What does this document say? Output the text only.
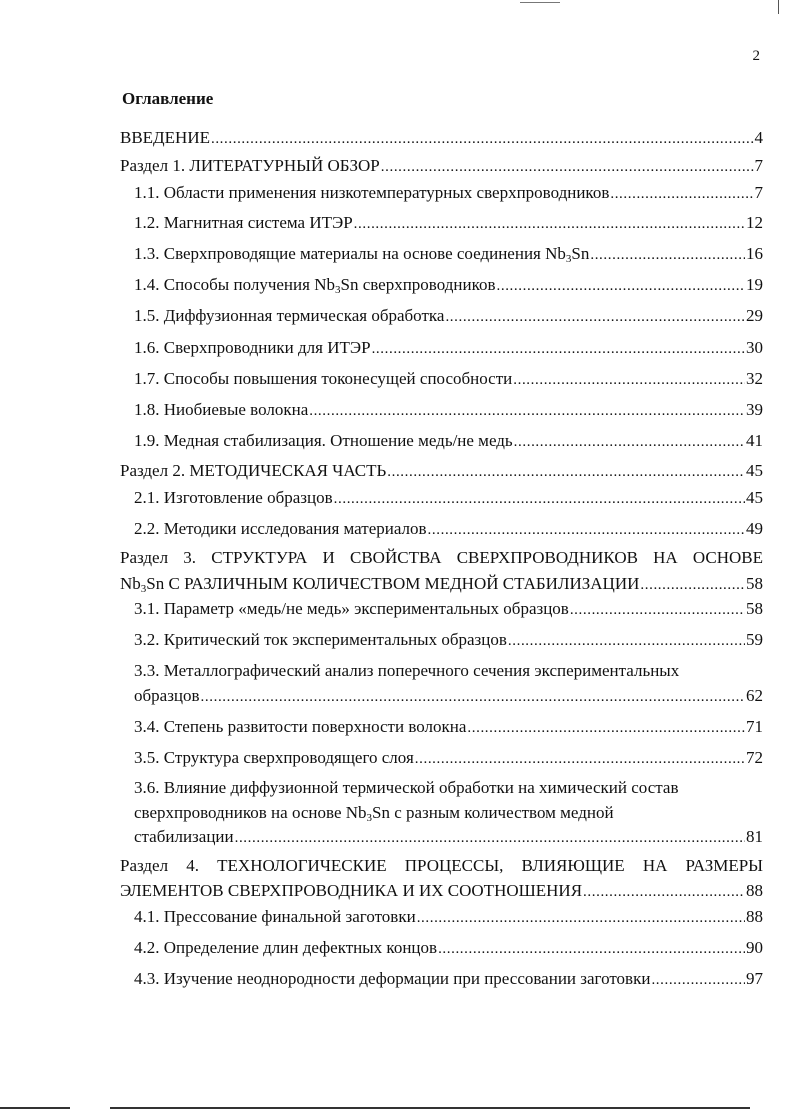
2
Оглавление
ВВЕДЕНИЕ .....	4
Раздел 1. ЛИТЕРАТУРНЫЙ ОБЗОР .....	7
1.1. Области применения низкотемпературных сверхпроводников .....	7
1.2. Магнитная система ИТЭР .....	12
1.3. Сверхпроводящие материалы на основе соединения $Nb_3Sn$ .....	16
1.4. Способы получения $Nb_3Sn$ сверхпроводников .....	19
1.5. Диффузионная термическая обработка .....	29
1.6. Сверхпроводники для ИТЭР .....	30
1.7. Способы повышения токонесущей способности .....	32
1.8. Ниобиевые волокна .....	39
1.9. Медная стабилизация. Отношение медь/не медь .....	41
Раздел 2. МЕТОДИЧЕСКАЯ ЧАСТЬ .....	45
2.1. Изготовление образцов .....	45
2.2. Методики исследования материалов .....	49
Раздел 3. СТРУКТУРА И СВОЙСТВА СВЕРХПРОВОДНИКОВ НА ОСНОВЕ
$Nb_3Sn$ С РАЗЛИЧНЫМ КОЛИЧЕСТВОМ МЕДНОЙ СТАБИЛИЗАЦИИ .....	58
3.1. Параметр «медь/не медь» экспериментальных образцов .....	58
3.2. Критический ток экспериментальных образцов .....	59
3.3. Металлографический анализ поперечного сечения экспериментальных
образцов .....	62
3.4. Степень развитости поверхности волокна .....	71
3.5. Структура сверхпроводящего слоя .....	72
3.6. Влияние диффузионной термической обработки на химический состав
сверхпроводников на основе $Nb_3Sn$ с разным количеством медной
стабилизации .....	81
Раздел 4. ТЕХНОЛОГИЧЕСКИЕ ПРОЦЕССЫ, ВЛИЯЮЩИЕ НА РАЗМЕРЫ
ЭЛЕМЕНТОВ СВЕРХПРОВОДНИКА И ИХ СООТНОШЕНИЯ .....	88
4.1. Прессование финальной заготовки .....	88
4.2. Определение длин дефектных концов .....	90
4.3. Изучение неоднородности деформации при прессовании заготовки .....	97
